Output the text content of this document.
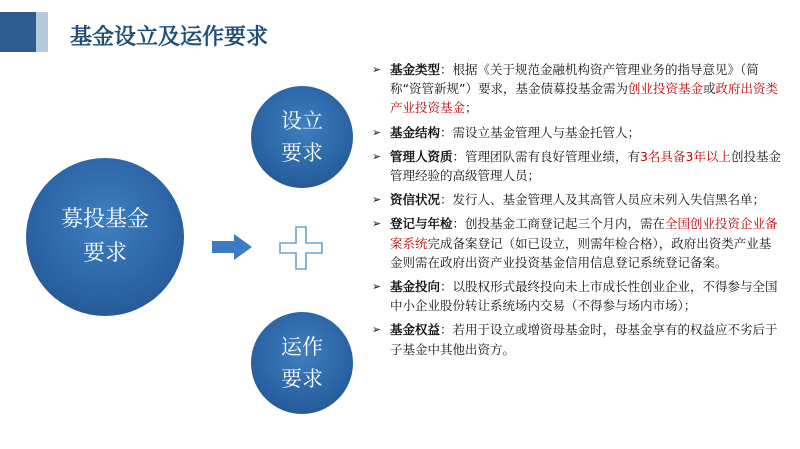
基金设立及运作要求
募投基金
要求
设立
要求
运作
要求
➢ 基金类型：根据《关于规范金融机构资产管理业务的指导意见》（简称“资管新规”）要求，基金债募投基金需为创业投资基金或政府出资类产业投资基金；
➢ 基金结构：需设立基金管理人与基金托管人；
➢ 管理人资质：管理团队需有良好管理业绩，有3名具备3年以上创投基金管理经验的高级管理人员；
➢ 资信状况：发行人、基金管理人及其高管人员应未列入失信黑名单；
➢ 登记与年检：创投基金工商登记起三个月内，需在全国创业投资企业备案系统完成备案登记（如已设立，则需年检合格），政府出资类产业基金则需在政府出资产业投资基金信用信息登记系统登记备案。
➢ 基金投向：以股权形式最终投向未上市成长性创业企业，不得参与全国中小企业股份转让系统场内交易（不得参与场内市场）；
➢ 基金权益：若用于设立或增资母基金时，母基金享有的权益应不劣后于子基金中其他出资方。
